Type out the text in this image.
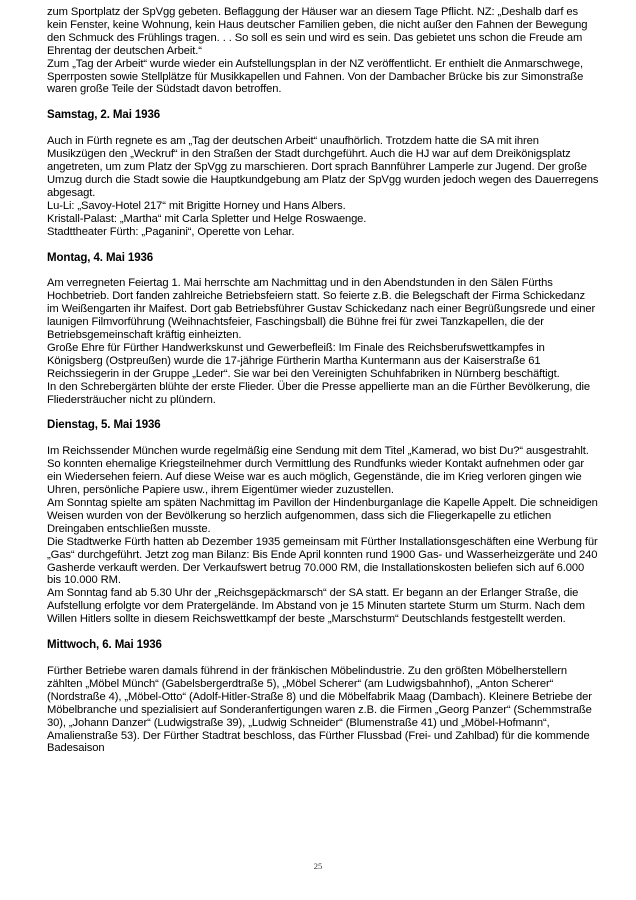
zum Sportplatz der SpVgg gebeten. Beflaggung der Häuser war an diesem Tage Pflicht. NZ: „Deshalb darf es kein Fenster, keine Wohnung, kein Haus deutscher Familien geben, die nicht außer den Fahnen der Bewegung den Schmuck des Frühlings tragen. . . So soll es sein und wird es sein. Das gebietet uns schon die Freude am Ehrentag der deutschen Arbeit.“

Zum „Tag der Arbeit“ wurde wieder ein Aufstellungsplan in der NZ veröffentlicht. Er enthielt die Anmarschwege, Sperrposten sowie Stellplätze für Musikkapellen und Fahnen. Von der Dambacher Brücke bis zur Simonstraße waren große Teile der Südstadt davon betroffen.

Samstag, 2. Mai 1936

Auch in Fürth regnete es am „Tag der deutschen Arbeit“ unaufhörlich. Trotzdem hatte die SA mit ihren Musikzügen den „Weckruf“ in den Straßen der Stadt durchgeführt. Auch die HJ war auf dem Dreikönigsplatz angetreten, um zum Platz der SpVgg zu marschieren. Dort sprach Bannführer Lamperle zur Jugend. Der große Umzug durch die Stadt sowie die Hauptkundgebung am Platz der SpVgg wurden jedoch wegen des Dauerregens abgesagt.

Lu-Li: „Savoy-Hotel 217“ mit Brigitte Horney und Hans Albers.

Kristall-Palast: „Martha“ mit Carla Spletter und Helge Roswaenge.

Stadttheater Fürth: „Paganini“, Operette von Lehar.

Montag, 4. Mai 1936

Am verregneten Feiertag 1. Mai herrschte am Nachmittag und in den Abendstunden in den Sälen Fürths Hochbetrieb. Dort fanden zahlreiche Betriebsfeiern statt. So feierte z.B. die Belegschaft der Firma Schickedanz im Weißengarten ihr Maifest. Dort gab Betriebsführer Gustav Schickedanz nach einer Begrüßungsrede und einer launigen Filmvorführung (Weihnachtsfeier, Faschingsball) die Bühne frei für zwei Tanzkapellen, die der Betriebsgemeinschaft kräftig einheizten.

Große Ehre für Fürther Handwerkskunst und Gewerbefleiß: Im Finale des Reichsberufswettkampfes in Königsberg (Ostpreußen) wurde die 17-jährige Fürtherin Martha Kuntermann aus der Kaiserstraße 61 Reichssiegerin in der Gruppe „Leder“. Sie war bei den Vereinigten Schuhfabriken in Nürnberg beschäftigt.

In den Schrebergärten blühte der erste Flieder. Über die Presse appellierte man an die Fürther Bevölkerung, die Fliedersträucher nicht zu plündern.

Dienstag, 5. Mai 1936

Im Reichssender München wurde regelmäßig eine Sendung mit dem Titel „Kamerad, wo bist Du?“ ausgestrahlt. So konnten ehemalige Kriegsteilnehmer durch Vermittlung des Rundfunks wieder Kontakt aufnehmen oder gar ein Wiedersehen feiern. Auf diese Weise war es auch möglich, Gegenstände, die im Krieg verloren gingen wie Uhren, persönliche Papiere usw., ihrem Eigentümer wieder zuzustellen.

Am Sonntag spielte am späten Nachmittag im Pavillon der Hindenburganlage die Kapelle Appelt. Die schneidigen Weisen wurden von der Bevölkerung so herzlich aufgenommen, dass sich die Fliegerkapelle zu etlichen Dreingaben entschließen musste.

Die Stadtwerke Fürth hatten ab Dezember 1935 gemeinsam mit Fürther Installationsgeschäften eine Werbung für „Gas“ durchgeführt. Jetzt zog man Bilanz: Bis Ende April konnten rund 1900 Gas- und Wasserheizgeräte und 240 Gasherde verkauft werden. Der Verkaufswert betrug 70.000 RM, die Installationskosten beliefen sich auf 6.000 bis 10.000 RM.

Am Sonntag fand ab 5.30 Uhr der „Reichsgepäckmarsch“ der SA statt. Er begann an der Erlanger Straße, die Aufstellung erfolgte vor dem Pratergelände. Im Abstand von je 15 Minuten startete Sturm um Sturm. Nach dem Willen Hitlers sollte in diesem Reichswettkampf der beste „Marschsturm“ Deutschlands festgestellt werden.

Mittwoch, 6. Mai 1936

Fürther Betriebe waren damals führend in der fränkischen Möbelindustrie. Zu den größten Möbelherstellern zählten „Möbel Münch“ (Gabelsbergerdtraße 5), „Möbel Scherer“ (am Ludwigsbahnhof), „Anton Scherer“ (Nordstraße 4), „Möbel-Otto“ (Adolf-Hitler-Straße 8) und die Möbelfabrik Maag (Dambach). Kleinere Betriebe der Möbelbranche und spezialisiert auf Sonderanfertigungen waren z.B. die Firmen „Georg Panzer“ (Schemmstraße 30), „Johann Danzer“ (Ludwigstraße 39), „Ludwig Schneider“ (Blumenstraße 41) und „Möbel-Hofmann“, Amalienstraße 53). Der Fürther Stadtrat beschloss, das Fürther Flussbad (Frei- und Zahlbad) für die kommende Badesaison

25
